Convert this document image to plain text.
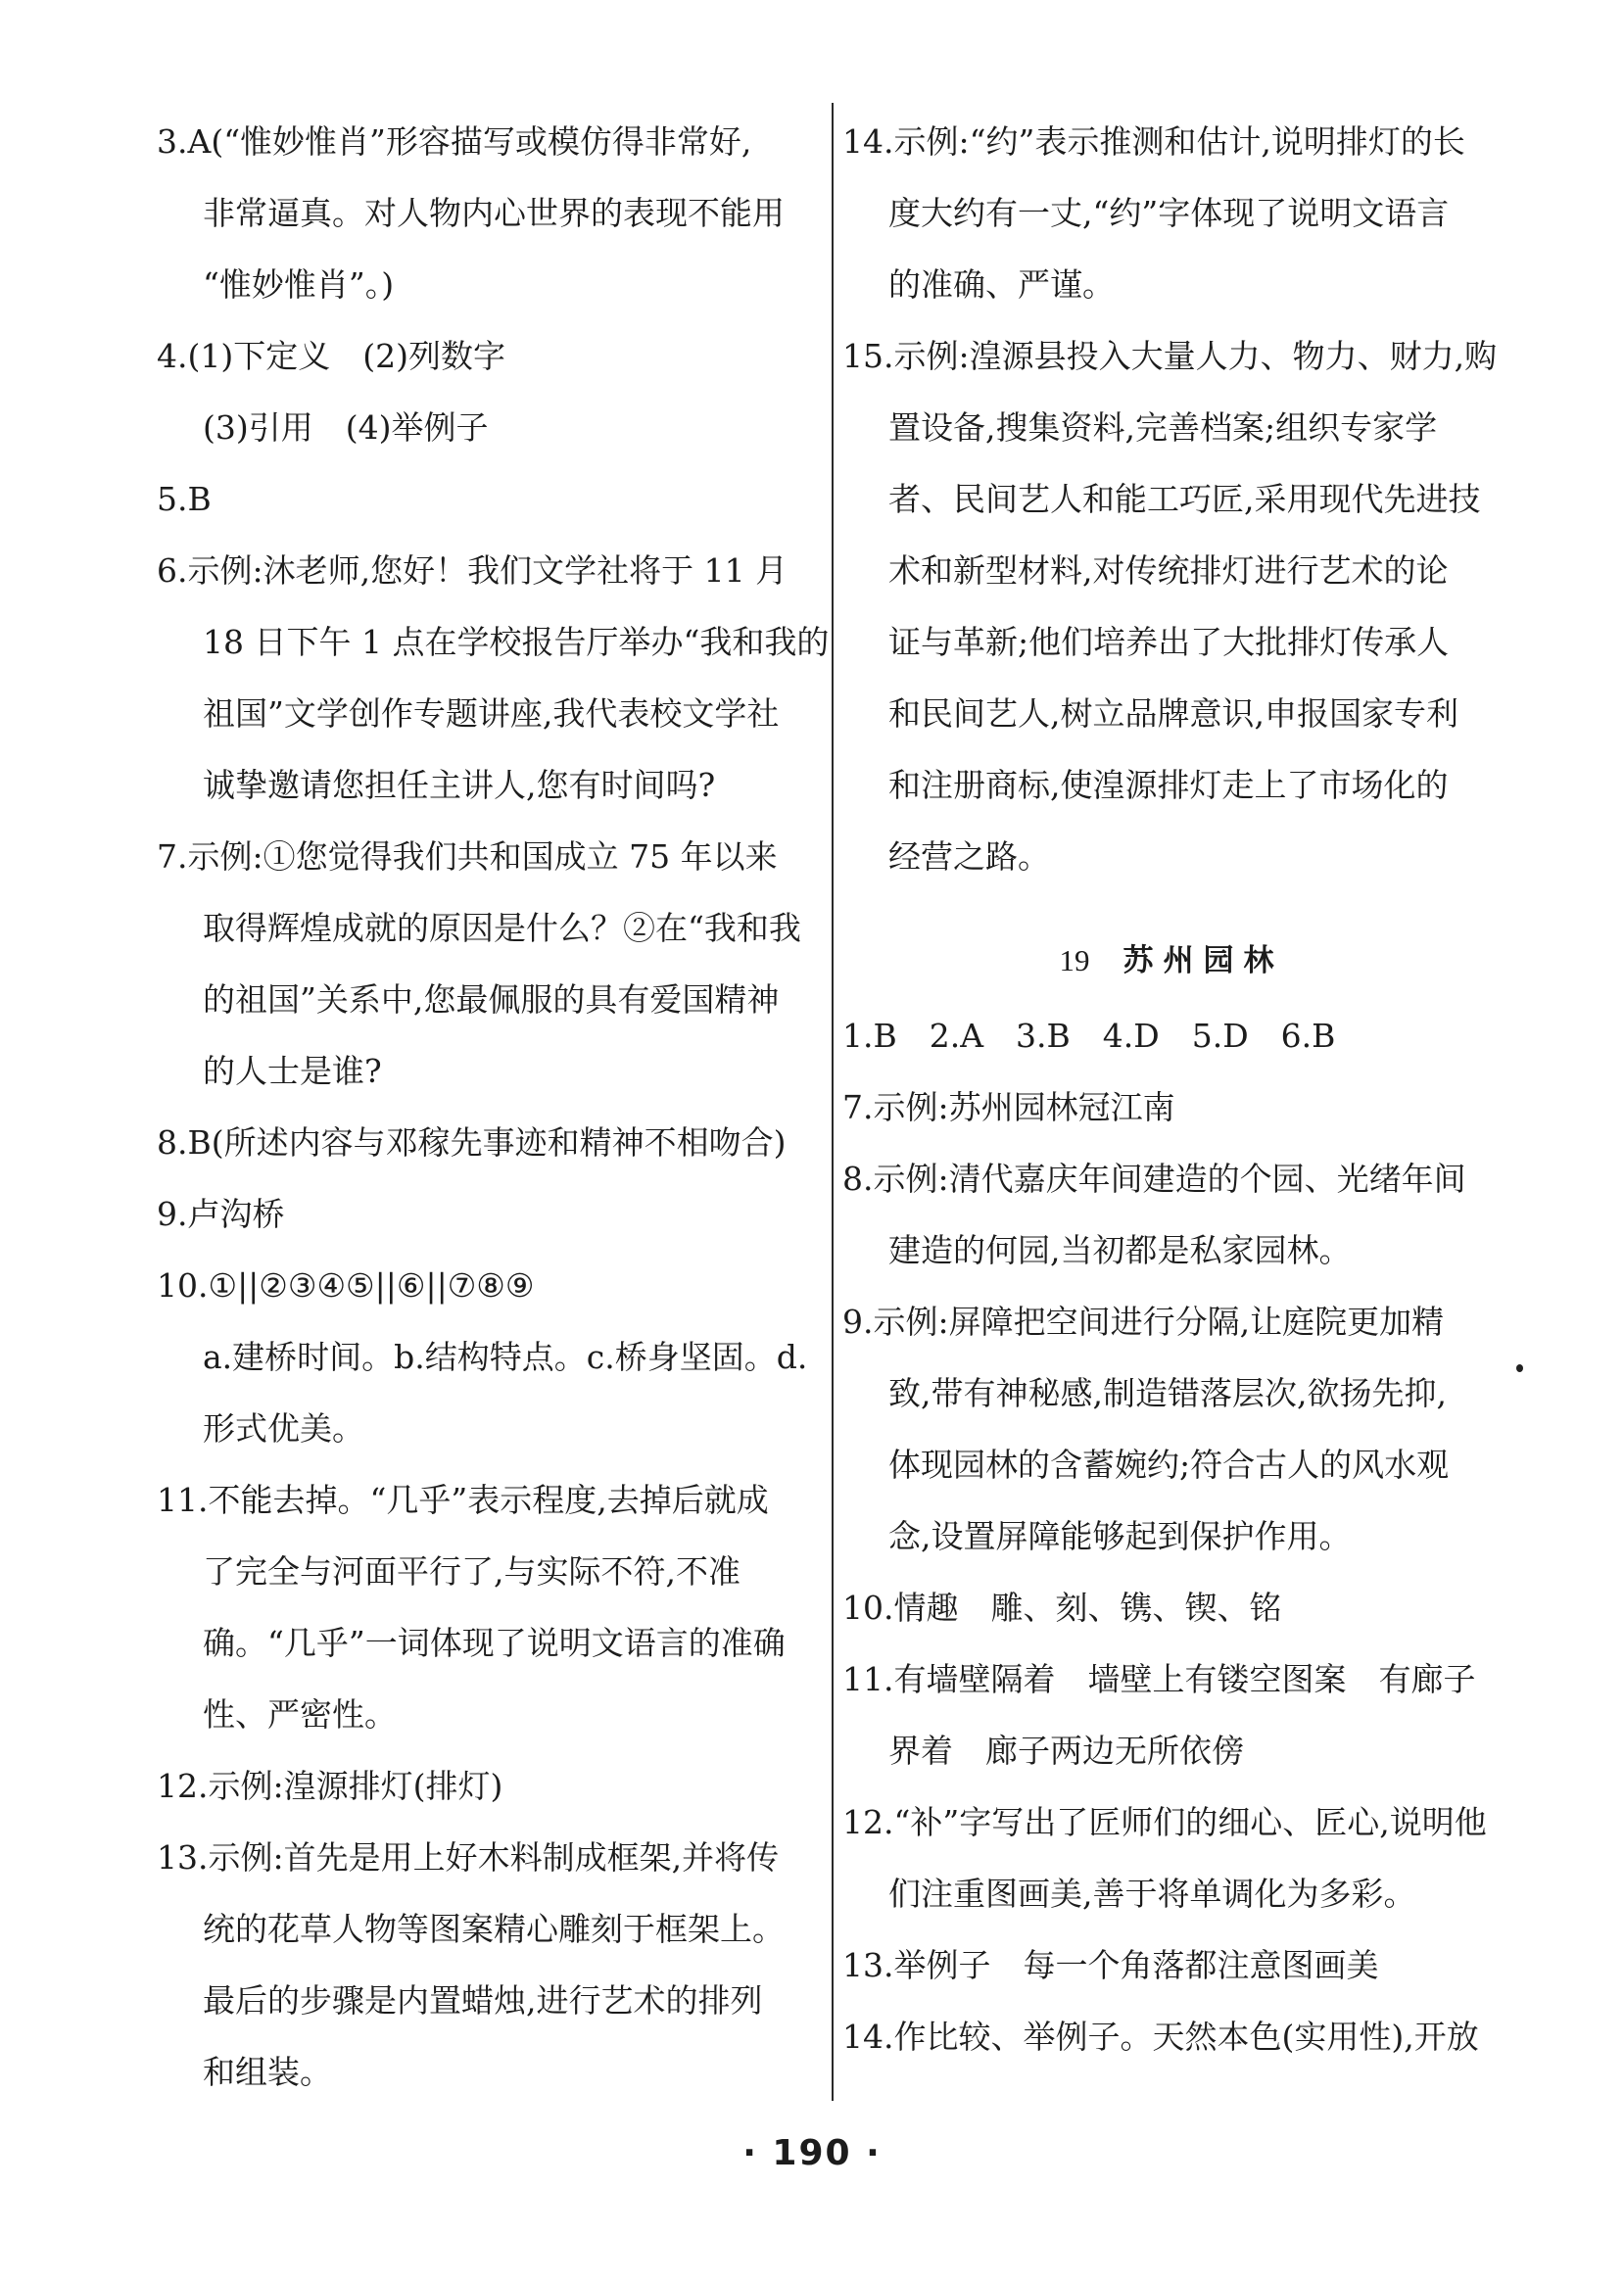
3.A(“惟妙惟肖”形容描写或模仿得非常好,
非常逼真。对人物内心世界的表现不能用
“惟妙惟肖”。)
4.(1)下定义　(2)列数字
(3)引用　(4)举例子
5.B
6.示例:沐老师,您好！我们文学社将于 11 月
18 日下午 1 点在学校报告厅举办“我和我的
祖国”文学创作专题讲座,我代表校文学社
诚挚邀请您担任主讲人,您有时间吗?
7.示例:①您觉得我们共和国成立 75 年以来
取得辉煌成就的原因是什么？②在“我和我
的祖国”关系中,您最佩服的具有爱国精神
的人士是谁?
8.B(所述内容与邓稼先事迹和精神不相吻合)
9.卢沟桥
10.①||②③④⑤||⑥||⑦⑧⑨
a.建桥时间。b.结构特点。c.桥身坚固。d.
形式优美。
11.不能去掉。“几乎”表示程度,去掉后就成
了完全与河面平行了,与实际不符,不准
确。“几乎”一词体现了说明文语言的准确
性、严密性。
12.示例:湟源排灯(排灯)
13.示例:首先是用上好木料制成框架,并将传
统的花草人物等图案精心雕刻于框架上。
最后的步骤是内置蜡烛,进行艺术的排列
和组装。
14.示例:“约”表示推测和估计,说明排灯的长
度大约有一丈,“约”字体现了说明文语言
的准确、严谨。
15.示例:湟源县投入大量人力、物力、财力,购
置设备,搜集资料,完善档案;组织专家学
者、民间艺人和能工巧匠,采用现代先进技
术和新型材料,对传统排灯进行艺术的论
证与革新;他们培养出了大批排灯传承人
和民间艺人,树立品牌意识,申报国家专利
和注册商标,使湟源排灯走上了市场化的
经营之路。
19 苏州园林
1.B　2.A　3.B　4.D　5.D　6.B
7.示例:苏州园林冠江南
8.示例:清代嘉庆年间建造的个园、光绪年间
建造的何园,当初都是私家园林。
9.示例:屏障把空间进行分隔,让庭院更加精
致,带有神秘感,制造错落层次,欲扬先抑,
体现园林的含蓄婉约;符合古人的风水观
念,设置屏障能够起到保护作用。
10.情趣　雕、刻、镌、锲、铭
11.有墙壁隔着　墙壁上有镂空图案　有廊子
界着　廊子两边无所依傍
12.“补”字写出了匠师们的细心、匠心,说明他
们注重图画美,善于将单调化为多彩。
13.举例子　每一个角落都注意图画美
14.作比较、举例子。天然本色(实用性),开放
· 190 ·
